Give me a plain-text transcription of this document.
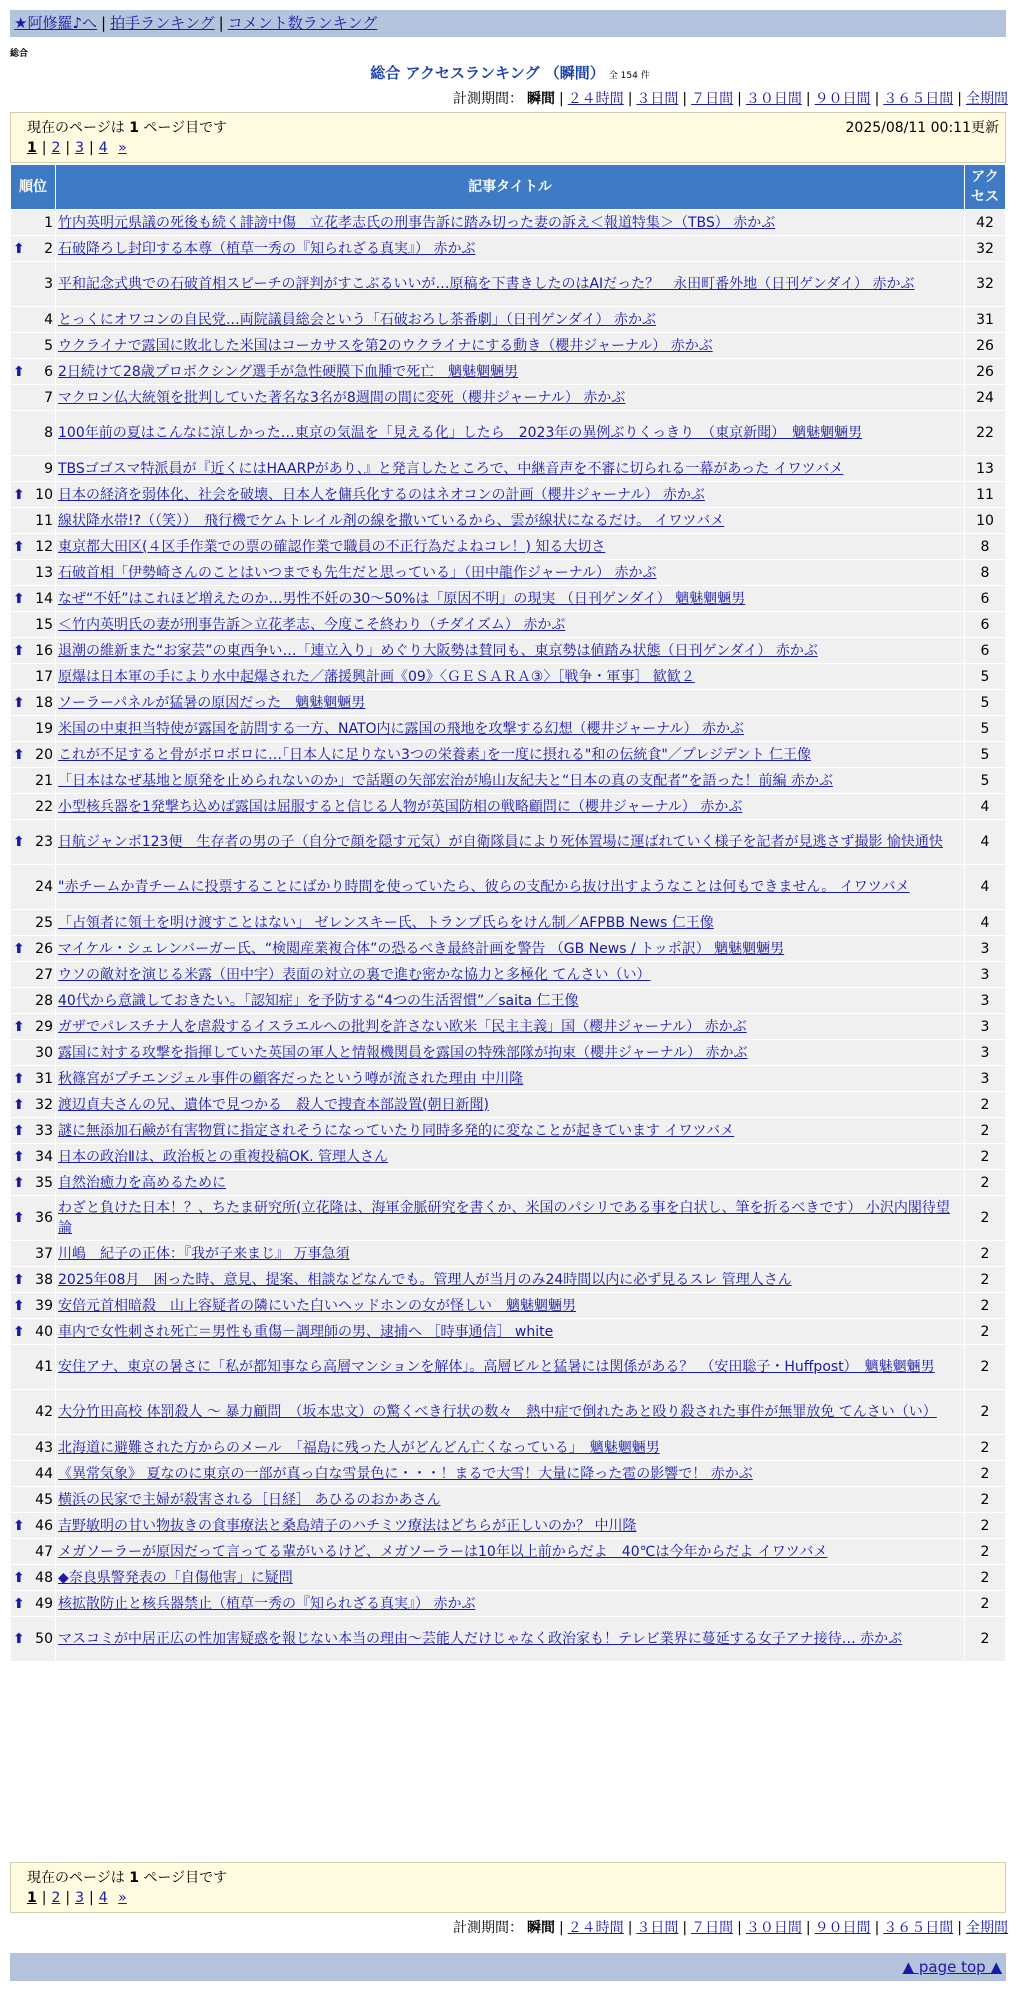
★阿修羅♪へ | 拍手ランキング | コメント数ランキング
総合
総合 アクセスランキング （瞬間） 全 154 件
計測期間： 瞬間 | ２４時間 | ３日間 | ７日間 | ３０日間 | ９０日間 | ３６５日間 | 全期間
現在のページは 1 ページ目です	2025/08/11 00:11更新
1 | 2 | 3 | 4 »
順位	記事タイトル	アクセス
1	竹内英明元県議の死後も続く誹謗中傷　立花孝志氏の刑事告訴に踏み切った妻の訴え＜報道特集＞（TBS） 赤かぶ	42

⬆ 2	石破降ろし封印する本尊（植草一秀の『知られざる真実』） 赤かぶ	32
3	平和記念式典での石破首相スピーチの評判がすこぶるいいが…原稿を下書きしたのはAIだった？　永田町番外地（日刊ゲンダイ） 赤かぶ	32
4	とっくにオワコンの自民党…両院議員総会という「石破おろし茶番劇」（日刊ゲンダイ） 赤かぶ	31
5	ウクライナで露国に敗北した米国はコーカサスを第2のウクライナにする動き（櫻井ジャーナル） 赤かぶ	26

⬆ 6	2日続けて28歳プロボクシング選手が急性硬膜下血腫で死亡　魑魅魍魎男	26
7	マクロン仏大統領を批判していた著名な3名が8週間の間に変死（櫻井ジャーナル） 赤かぶ	24
8	100年前の夏はこんなに涼しかった…東京の気温を「見える化」したら　2023年の異例ぶりくっきり　（東京新聞）　魑魅魍魎男	22
9	TBSゴゴスマ特派員が『近くにはHAARPがあり、』と発言したところで、中継音声を不審に切られる一幕があった イワツバメ	13

⬆ 10	日本の経済を弱体化、社会を破壊、日本人を傭兵化するのはネオコンの計画（櫻井ジャーナル） 赤かぶ	11
11	線状降水帯!?（（笑））　飛行機でケムトレイル剤の線を撒いているから、雲が線状になるだけ。 イワツバメ	10

⬆ 12	東京都大田区(４区手作業での票の確認作業で職員の不正行為だよねコレ！) 知る大切さ	8
13	石破首相「伊勢崎さんのことはいつまでも先生だと思っている」（田中龍作ジャーナル） 赤かぶ	8

⬆ 14	なぜ“不妊”はこれほど増えたのか…男性不妊の30～50%は「原因不明」の現実 （日刊ゲンダイ） 魑魅魍魎男	6
15	＜竹内英明氏の妻が刑事告訴＞立花孝志、今度こそ終わり（チダイズム） 赤かぶ	6

⬆ 16	退潮の維新また“お家芸”の東西争い…「連立入り」めぐり大阪勢は賛同も、東京勢は値踏み状態（日刊ゲンダイ） 赤かぶ	6
17	原爆は日本軍の手により水中起爆された／藩援興計画《09》〈ＧＥＳＡＲＡ③〉［戦争・軍事］ 歓歓２	5

⬆ 18	ソーラーパネルが猛暑の原因だった　魑魅魍魎男	5
19	米国の中東担当特使が露国を訪問する一方、NATO内に露国の飛地を攻撃する幻想（櫻井ジャーナル） 赤かぶ	5

⬆ 20	これが不足すると骨がボロボロに…｢日本人に足りない3つの栄養素｣を一度に摂れる"和の伝統食"／プレジデント 仁王像	5
21	「日本はなぜ基地と原発を止められないのか」で話題の矢部宏治が鳩山友紀夫と“日本の真の支配者”を語った！前編 赤かぶ	5
22	小型核兵器を1発撃ち込めば露国は屈服すると信じる人物が英国防相の戦略顧問に（櫻井ジャーナル） 赤かぶ	4

⬆ 23	日航ジャンボ123便　生存者の男の子（自分で顔を隠す元気）が自衛隊員により死体置場に運ばれていく様子を記者が見逃さず撮影 愉快通快	4
24	"赤チームか青チームに投票することにばかり時間を使っていたら、彼らの支配から抜け出すようなことは何もできません。 イワツバメ	4
25	「占領者に領土を明け渡すことはない」 ゼレンスキー氏、トランプ氏らをけん制／AFPBB News 仁王像	4

⬆ 26	マイケル・シェレンバーガー氏、“検閲産業複合体”の恐るべき最終計画を警告 （GB News / トッポ訳） 魑魅魍魎男	3
27	ウソの敵対を演じる米露（田中宇）表面の対立の裏で進む密かな協力と多極化 てんさい（い）	3
28	40代から意識しておきたい。「認知症」を予防する“4つの生活習慣”／saita 仁王像	3

⬆ 29	ガザでパレスチナ人を虐殺するイスラエルへの批判を許さない欧米「民主主義」国（櫻井ジャーナル） 赤かぶ	3
30	露国に対する攻撃を指揮していた英国の軍人と情報機関員を露国の特殊部隊が拘束（櫻井ジャーナル） 赤かぶ	3

⬆ 31	秋篠宮がプチエンジェル事件の顧客だったという噂が流された理由 中川隆	3

⬆ 32	渡辺貞夫さんの兄、遺体で見つかる　殺人で捜査本部設置(朝日新聞)	2

⬆ 33	謎に無添加石鹸が有害物質に指定されそうになっていたり同時多発的に変なことが起きています イワツバメ	2

⬆ 34	日本の政治Ⅱは、政治板との重複投稿OK. 管理人さん	2

⬆ 35	自然治癒力を高めるために	2

⬆ 36	わざと負けた日本！？、ちたま研究所(立花隆は、海軍金脈研究を書くか、米国のパシリである事を白状し、筆を折るべきです） 小沢内閣待望論	2
37	川嶋　紀子の正体：『我が子来まじ』 万事急須	2

⬆ 38	2025年08月　困った時、意見、提案、相談などなんでも。管理人が当月のみ24時間以内に必ず見るスレ 管理人さん	2

⬆ 39	安倍元首相暗殺　山上容疑者の隣にいた白いヘッドホンの女が怪しい　魑魅魍魎男	2

⬆ 40	車内で女性刺され死亡＝男性も重傷－調理師の男、逮捕へ ［時事通信］ white	2
41	安住アナ、東京の暑さに「私が都知事なら高層マンションを解体」。高層ビルと猛暑には関係がある？　（安田聡子・Huffpost）　魑魅魍魎男	2
42	大分竹田高校 体罰殺人 〜 暴力顧問　（坂本忠文）の驚くべき行状の数々　熱中症で倒れたあと殴り殺された事件が無罪放免 てんさい（い）	2
43	北海道に避難された方からのメール　「福島に残った人がどんどん亡くなっている」　魑魅魍魎男	2
44	《異常気象》 夏なのに東京の一部が真っ白な雪景色に・・・！まるで大雪！大量に降った雹の影響で！ 赤かぶ	2
45	横浜の民家で主婦が殺害される［日経］ あひるのおかあさん	2

⬆ 46	吉野敏明の甘い物抜きの食事療法と桑島靖子のハチミツ療法はどちらが正しいのか？ 中川隆	2
47	メガソーラーが原因だって言ってる輩がいるけど、メガソーラーは10年以上前からだよ　40℃は今年からだよ イワツバメ	2

⬆ 48	◆奈良県警発表の「自傷他害」に疑問	2

⬆ 49	核拡散防止と核兵器禁止（植草一秀の『知られざる真実』） 赤かぶ	2

⬆ 50	マスコミが中居正広の性加害疑惑を報じない本当の理由～芸能人だけじゃなく政治家も！テレビ業界に蔓延する女子アナ接待… 赤かぶ	2
現在のページは 1 ページ目です
1 | 2 | 3 | 4 »
計測期間： 瞬間 | ２４時間 | ３日間 | ７日間 | ３０日間 | ９０日間 | ３６５日間 | 全期間
▲ page top ▲
